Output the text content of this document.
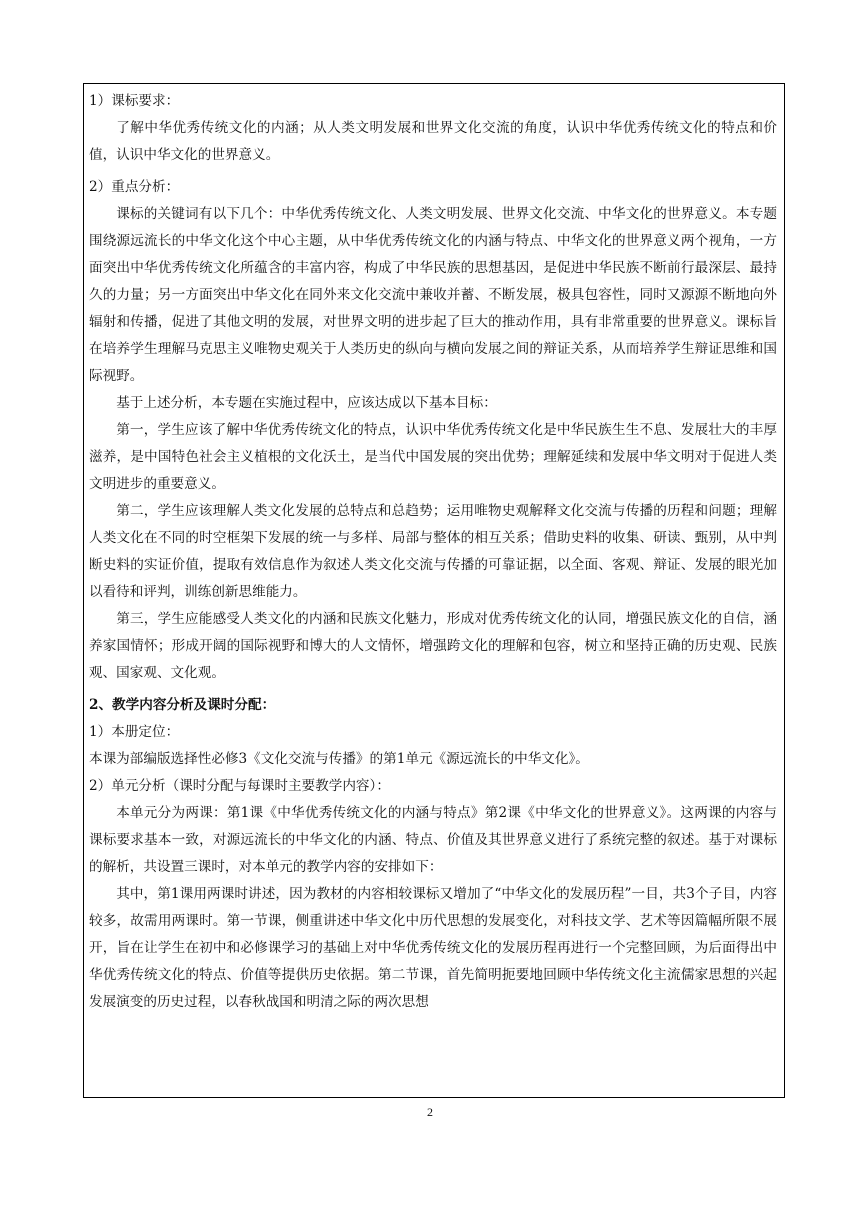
1）课标要求：

了解中华优秀传统文化的内涵；从人类文明发展和世界文化交流的角度，认识中华优秀传统文化的特点和价值，认识中华文化的世界意义。

2）重点分析：

课标的关键词有以下几个：中华优秀传统文化、人类文明发展、世界文化交流、中华文化的世界意义。本专题围绕源远流长的中华文化这个中心主题，从中华优秀传统文化的内涵与特点、中华文化的世界意义两个视角，一方面突出中华优秀传统文化所蕴含的丰富内容，构成了中华民族的思想基因，是促进中华民族不断前行最深层、最持久的力量；另一方面突出中华文化在同外来文化交流中兼收并蓄、不断发展，极具包容性，同时又源源不断地向外辐射和传播，促进了其他文明的发展，对世界文明的进步起了巨大的推动作用，具有非常重要的世界意义。课标旨在培养学生理解马克思主义唯物史观关于人类历史的纵向与横向发展之间的辩证关系，从而培养学生辩证思维和国际视野。

基于上述分析，本专题在实施过程中，应该达成以下基本目标：

第一，学生应该了解中华优秀传统文化的特点，认识中华优秀传统文化是中华民族生生不息、发展壮大的丰厚滋养，是中国特色社会主义植根的文化沃土，是当代中国发展的突出优势；理解延续和发展中华文明对于促进人类文明进步的重要意义。

第二，学生应该理解人类文化发展的总特点和总趋势；运用唯物史观解释文化交流与传播的历程和问题；理解人类文化在不同的时空框架下发展的统一与多样、局部与整体的相互关系；借助史料的收集、研读、甄别，从中判断史料的实证价值，提取有效信息作为叙述人类文化交流与传播的可靠证据，以全面、客观、辩证、发展的眼光加以看待和评判，训练创新思维能力。

第三，学生应能感受人类文化的内涵和民族文化魅力，形成对优秀传统文化的认同，增强民族文化的自信，涵养家国情怀；形成开阔的国际视野和博大的人文情怀，增强跨文化的理解和包容，树立和坚持正确的历史观、民族观、国家观、文化观。

2、教学内容分析及课时分配：

1）本册定位：

本课为部编版选择性必修3《文化交流与传播》的第1单元《源远流长的中华文化》。

2）单元分析（课时分配与每课时主要教学内容）：

本单元分为两课：第1课《中华优秀传统文化的内涵与特点》第2课《中华文化的世界意义》。这两课的内容与课标要求基本一致，对源远流长的中华文化的内涵、特点、价值及其世界意义进行了系统完整的叙述。基于对课标的解析，共设置三课时，对本单元的教学内容的安排如下：

其中，第1课用两课时讲述，因为教材的内容相较课标又增加了“中华文化的发展历程”一目，共3个子目，内容较多，故需用两课时。第一节课，侧重讲述中华文化中历代思想的发展变化，对科技文学、艺术等因篇幅所限不展开，旨在让学生在初中和必修课学习的基础上对中华优秀传统文化的发展历程再进行一个完整回顾，为后面得出中华优秀传统文化的特点、价值等提供历史依据。第二节课，首先简明扼要地回顾中华传统文化主流儒家思想的兴起发展演变的历史过程，以春秋战国和明清之际的两次思想

2
